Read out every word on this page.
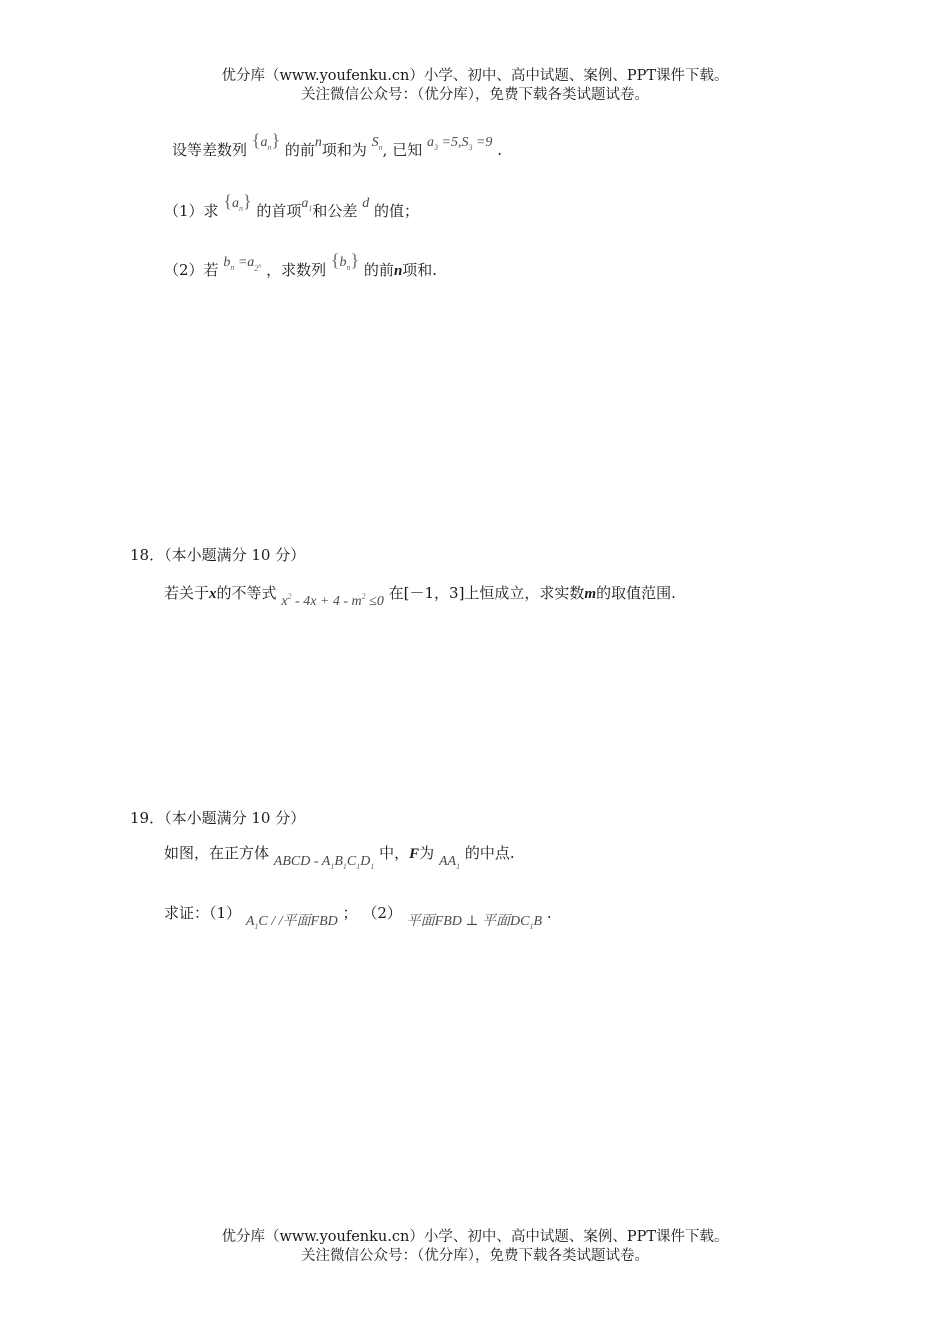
优分库（www.youfenku.cn）小学、初中、高中试题、案例、PPT课件下载。
关注微信公众号：（优分库），免费下载各类试题试卷。
设等差数列 $\{a_n\}$ 的前n项和为 $S_n$, 已知 $a_3 =5,S_3 =9$ .
（1）求 $\{a_n\}$ 的首项$a_1$和公差 d 的值；
（2）若 $b_n =a_{2^n}$ ，求数列 $\{b_n\}$ 的前n项和.
18．（本小题满分 10 分）
若关于x的不等式 $x^2 - 4x + 4 - m^2 \le 0$ 在[－1，3]上恒成立，求实数m的取值范围.
19．（本小题满分 10 分）
如图，在正方体 ABCD - $A_1B_1C_1D_1$ 中，F为 $AA_1$ 的中点.
求证：（1） $A_1C$ / /平面FBD ； （2） 平面FBD ⊥ 平面$DC_1B$ .
优分库（www.youfenku.cn）小学、初中、高中试题、案例、PPT课件下载。
关注微信公众号：（优分库），免费下载各类试题试卷。
